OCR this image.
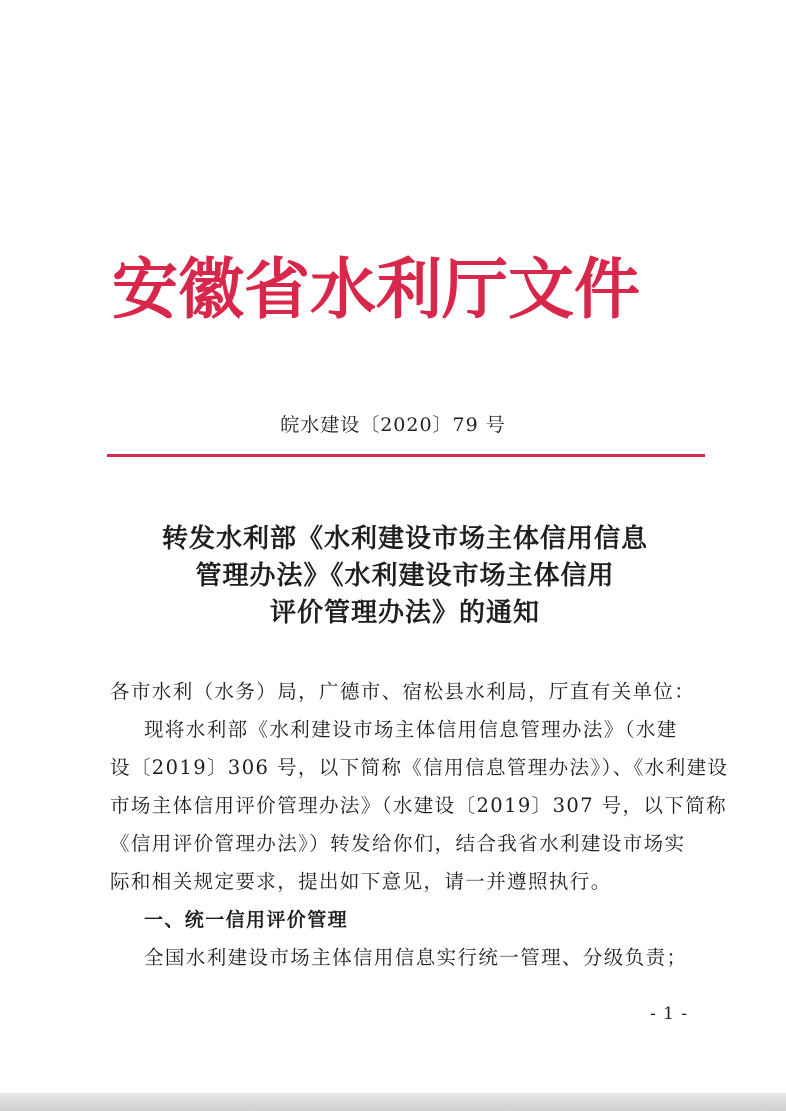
安徽省水利厅文件
皖水建设〔2020〕79 号
转发水利部《水利建设市场主体信用信息
管理办法》《水利建设市场主体信用
评价管理办法》的通知

各市水利（水务）局，广德市、宿松县水利局，厅直有关单位：

现将水利部《水利建设市场主体信用信息管理办法》（水建

设〔2019〕306 号，以下简称《信用信息管理办法》）、《水利建设

市场主体信用评价管理办法》（水建设〔2019〕307 号，以下简称

《信用评价管理办法》）转发给你们，结合我省水利建设市场实

际和相关规定要求，提出如下意见，请一并遵照执行。

一、统一信用评价管理

全国水利建设市场主体信用信息实行统一管理、分级负责；

- 1 -
